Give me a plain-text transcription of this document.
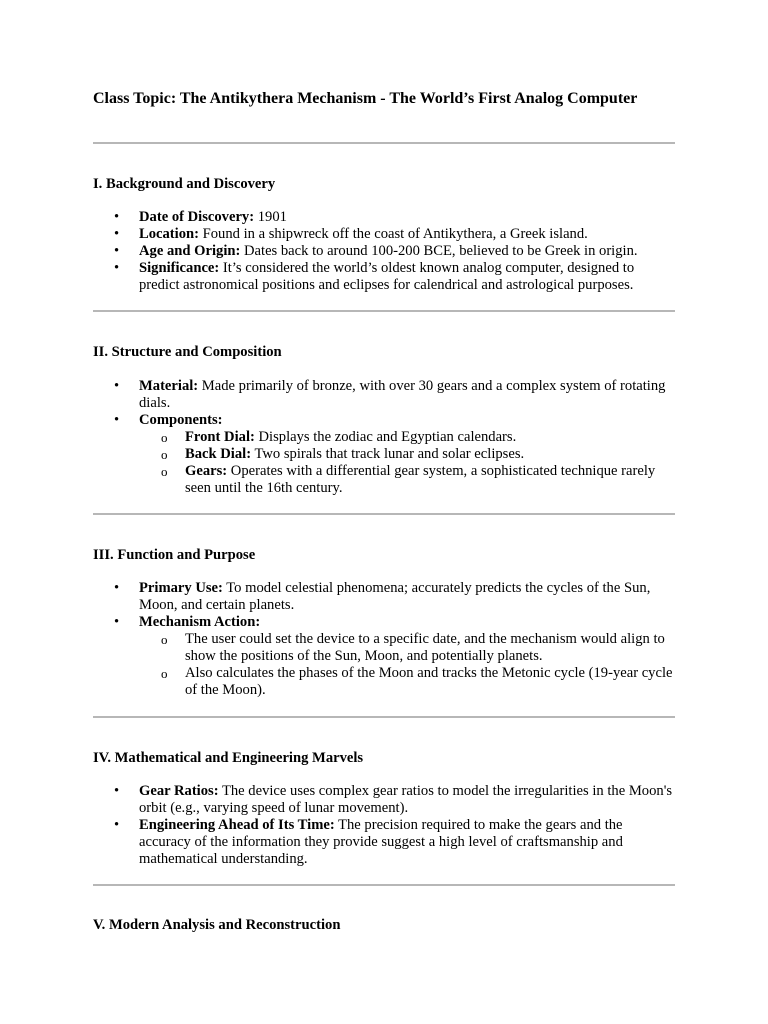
Class Topic: The Antikythera Mechanism - The World’s First Analog Computer
I. Background and Discovery
• Date of Discovery: 1901
• Location: Found in a shipwreck off the coast of Antikythera, a Greek island.
• Age and Origin: Dates back to around 100-200 BCE, believed to be Greek in origin.
• Significance: It’s considered the world’s oldest known analog computer, designed to predict astronomical positions and eclipses for calendrical and astrological purposes.
II. Structure and Composition
• Material: Made primarily of bronze, with over 30 gears and a complex system of rotating dials.
• Components:
o Front Dial: Displays the zodiac and Egyptian calendars.
o Back Dial: Two spirals that track lunar and solar eclipses.
o Gears: Operates with a differential gear system, a sophisticated technique rarely seen until the 16th century.
III. Function and Purpose
• Primary Use: To model celestial phenomena; accurately predicts the cycles of the Sun, Moon, and certain planets.
• Mechanism Action:
o The user could set the device to a specific date, and the mechanism would align to show the positions of the Sun, Moon, and potentially planets.
o Also calculates the phases of the Moon and tracks the Metonic cycle (19-year cycle of the Moon).
IV. Mathematical and Engineering Marvels
• Gear Ratios: The device uses complex gear ratios to model the irregularities in the Moon's orbit (e.g., varying speed of lunar movement).
• Engineering Ahead of Its Time: The precision required to make the gears and the accuracy of the information they provide suggest a high level of craftsmanship and mathematical understanding.
V. Modern Analysis and Reconstruction
